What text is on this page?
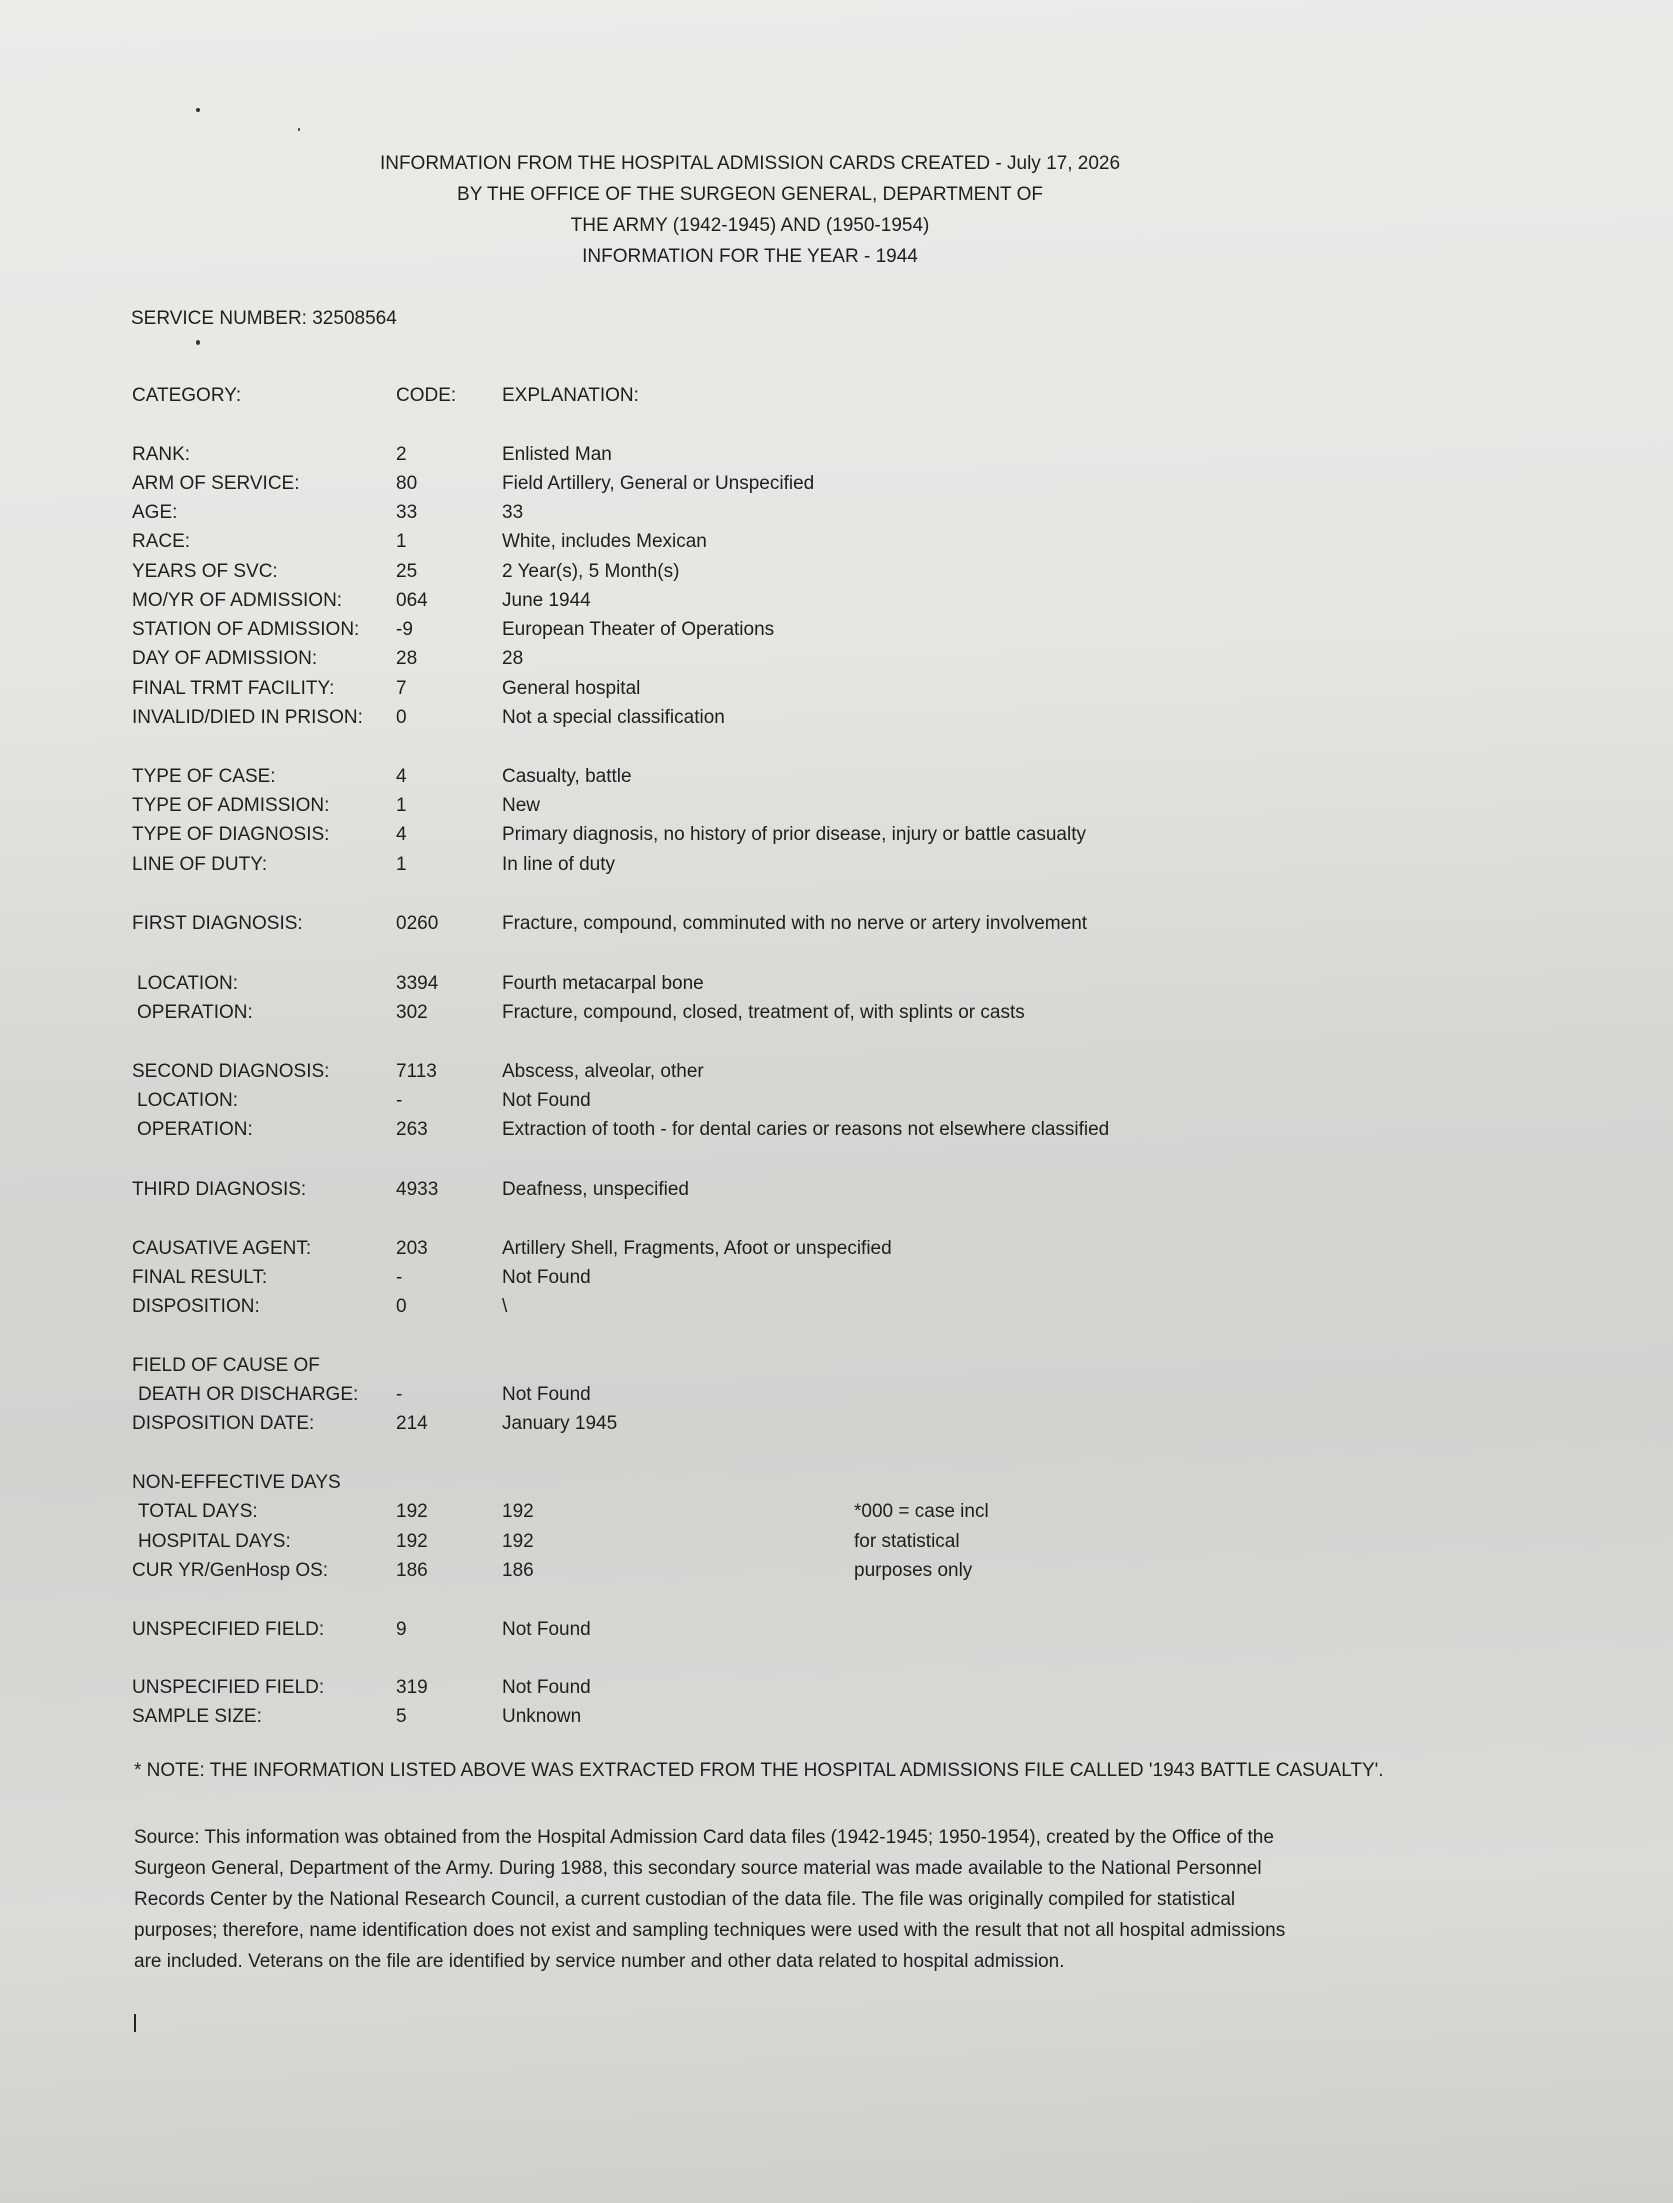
INFORMATION FROM THE HOSPITAL ADMISSION CARDS CREATED - July 17, 2026
BY THE OFFICE OF THE SURGEON GENERAL, DEPARTMENT OF
THE ARMY (1942-1945) AND (1950-1954)
INFORMATION FOR THE YEAR - 1944
SERVICE NUMBER: 32508564
CATEGORY:	CODE: EXPLANATION:
RANK:	2	Enlisted Man
ARM OF SERVICE:	80	Field Artillery, General or Unspecified
AGE:	33	33
RACE:	1	White, includes Mexican
YEARS OF SVC:	25	2 Year(s), 5 Month(s)
MO/YR OF ADMISSION:	064	June 1944
STATION OF ADMISSION: -9	European Theater of Operations
DAY OF ADMISSION:	28	28
FINAL TRMT FACILITY:	7	General hospital
INVALID/DIED IN PRISON: 0	Not a special classification
TYPE OF CASE:	4	Casualty, battle
TYPE OF ADMISSION:	1	New
TYPE OF DIAGNOSIS:	4	Primary diagnosis, no history of prior disease, injury or battle casualty
LINE OF DUTY:	1	In line of duty
FIRST DIAGNOSIS:	0260	Fracture, compound, comminuted with no nerve or artery involvement
LOCATION:	3394	Fourth metacarpal bone
OPERATION:	302	Fracture, compound, closed, treatment of, with splints or casts
SECOND DIAGNOSIS:	7113	Abscess, alveolar, other
LOCATION:	-	Not Found
OPERATION:	263	Extraction of tooth - for dental caries or reasons not elsewhere classified
THIRD DIAGNOSIS:	4933	Deafness, unspecified
CAUSATIVE AGENT:	203	Artillery Shell, Fragments, Afoot or unspecified
FINAL RESULT:	-	Not Found
DISPOSITION:	0	\
FIELD OF CAUSE OF
DEATH OR DISCHARGE: -	Not Found
DISPOSITION DATE:	214	January 1945
NON-EFFECTIVE DAYS
TOTAL DAYS:	192	192	*000 = case incl
HOSPITAL DAYS:	192	192	for statistical
CUR YR/GenHosp OS:	186	186	purposes only
UNSPECIFIED FIELD:	9	Not Found
UNSPECIFIED FIELD:	319	Not Found
SAMPLE SIZE:	5	Unknown
* NOTE: THE INFORMATION LISTED ABOVE WAS EXTRACTED FROM THE HOSPITAL ADMISSIONS FILE CALLED '1943 BATTLE CASUALTY'.
Source: This information was obtained from the Hospital Admission Card data files (1942-1945; 1950-1954), created by the Office of the
Surgeon General, Department of the Army. During 1988, this secondary source material was made available to the National Personnel
Records Center by the National Research Council, a current custodian of the data file. The file was originally compiled for statistical
purposes; therefore, name identification does not exist and sampling techniques were used with the result that not all hospital admissions
are included. Veterans on the file are identified by service number and other data related to hospital admission.
